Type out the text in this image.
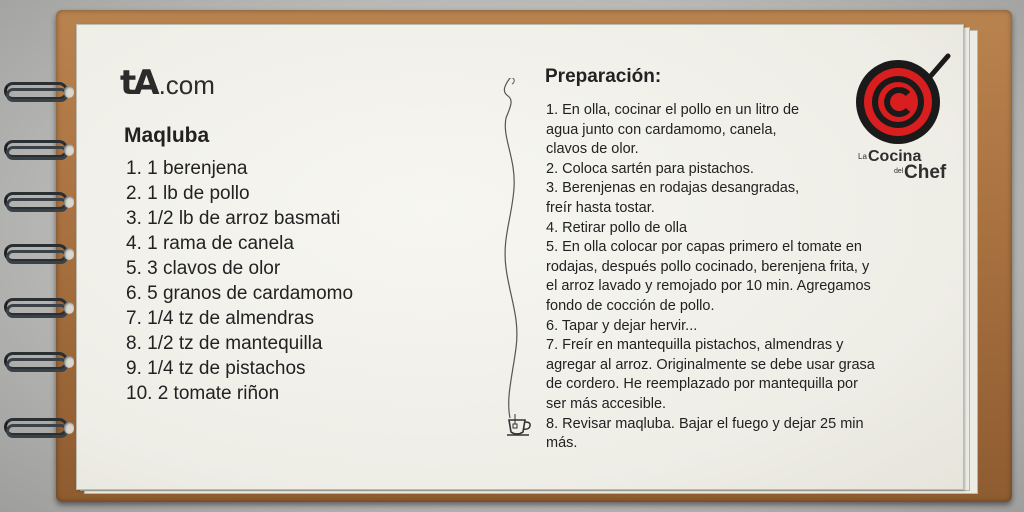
tA .com
Maqluba
1. 1 berenjena
2. 1 lb de pollo
3. 1/2 lb de arroz basmati
4. 1 rama de canela
5. 3 clavos de olor
6. 5 granos de cardamomo
7. 1/4 tz de almendras
8. 1/2 tz de mantequilla
9. 1/4 tz de pistachos
10. 2 tomate riñon
Preparación:
1. En olla, cocinar el pollo en un litro de
agua junto con cardamomo, canela,
clavos de olor.
2. Coloca sartén para pistachos.
3. Berenjenas en rodajas desangradas,
freír hasta tostar.
4. Retirar pollo de olla
5. En olla colocar por capas primero el tomate en
rodajas, después pollo cocinado, berenjena frita, y
el arroz lavado y remojado por 10 min. Agregamos
fondo de cocción de pollo.
6. Tapar y dejar hervir...
7. Freír en mantequilla pistachos, almendras y
agregar al arroz. Originalmente se debe usar grasa
de cordero. He reemplazado por mantequilla por
ser más accesible.
8. Revisar maqluba. Bajar el fuego y dejar 25 min
más.
La Cocina
del Chef
